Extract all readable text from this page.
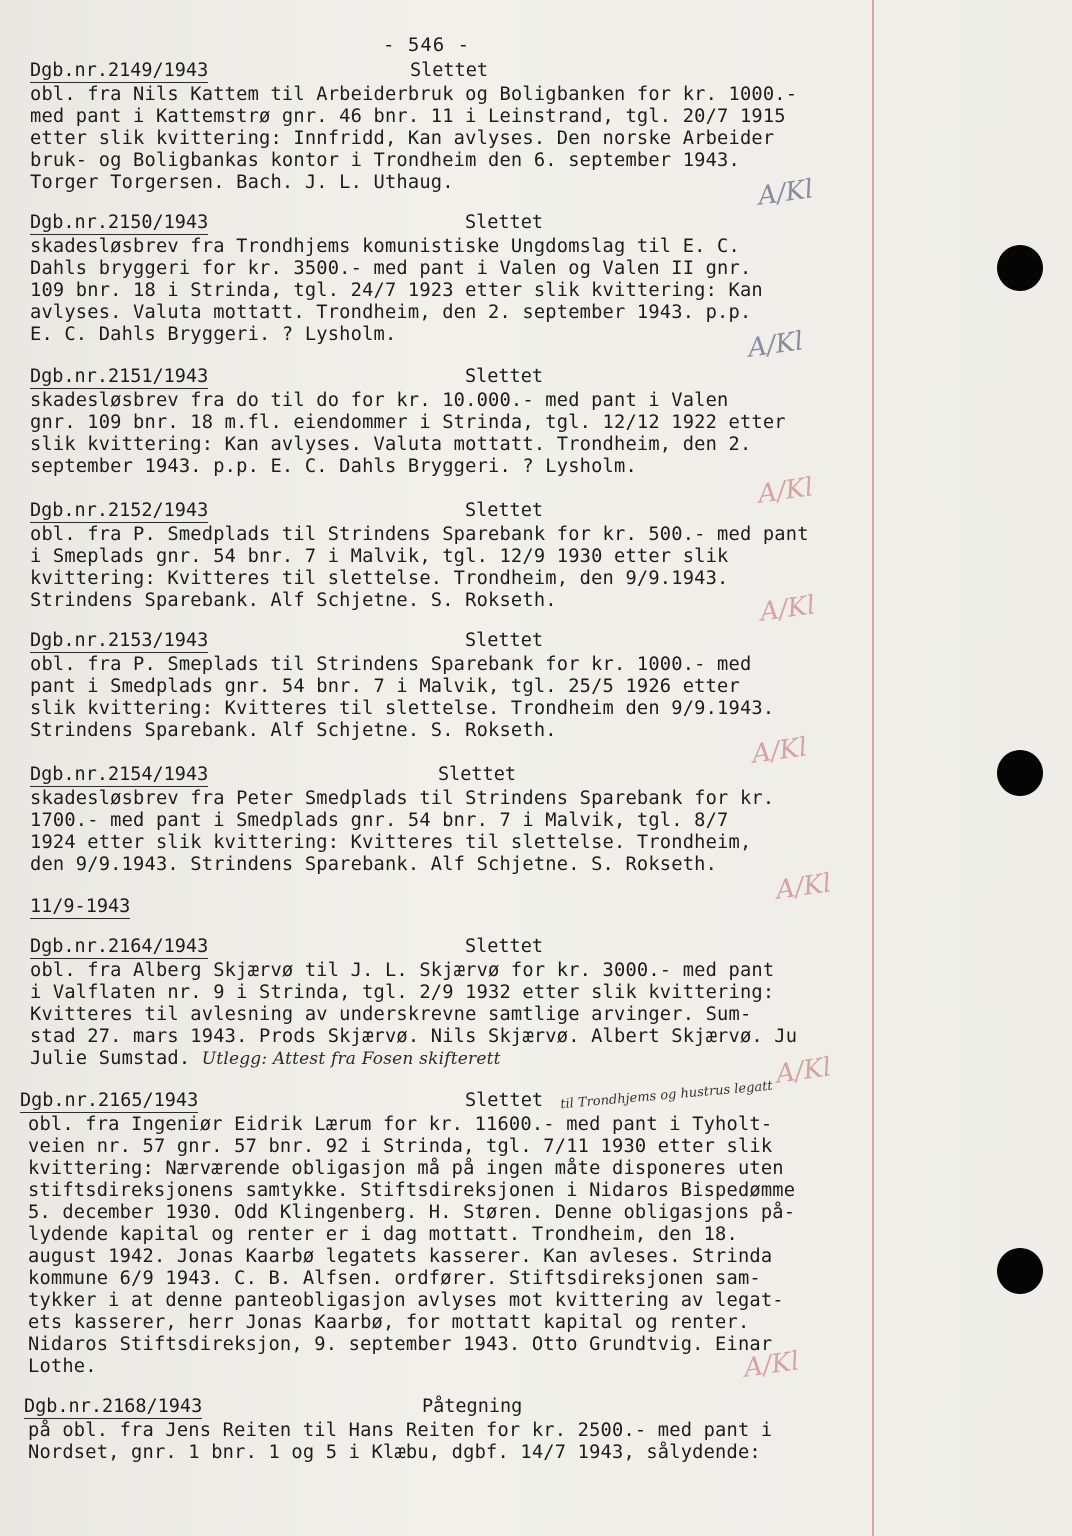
- 546 -
Dgb.nr.2149/1943	Slettet
obl. fra Nils Kattem til Arbeiderbruk og Boligbanken for kr. 1000.-
med pant i Kattemstrø gnr. 46 bnr. 11 i Leinstrand, tgl. 20/7 1915
etter slik kvittering: Innfridd, Kan avlyses. Den norske Arbeider
bruk- og Boligbankas kontor i Trondheim den 6. september 1943.
Torger Torgersen. Bach. J. L. Uthaug.	A/Kl
Dgb.nr.2150/1943	Slettet
skadesløsbrev fra Trondhjems komunistiske Ungdomslag til E. C.
Dahls bryggeri for kr. 3500.- med pant i Valen og Valen II gnr.
109 bnr. 18 i Strinda, tgl. 24/7 1923 etter slik kvittering: Kan
avlyses. Valuta mottatt. Trondheim, den 2. september 1943. p.p.
E. C. Dahls Bryggeri. ? Lysholm.	A/Kl
Dgb.nr.2151/1943	Slettet
skadesløsbrev fra do til do for kr. 10.000.- med pant i Valen
gnr. 109 bnr. 18 m.fl. eiendommer i Strinda, tgl. 12/12 1922 etter
slik kvittering: Kan avlyses. Valuta mottatt. Trondheim, den 2.
september 1943. p.p. E. C. Dahls Bryggeri. ? Lysholm.
A/Kl
Dgb.nr.2152/1943	Slettet
obl. fra P. Smedplads til Strindens Sparebank for kr. 500.- med pant
i Smeplads gnr. 54 bnr. 7 i Malvik, tgl. 12/9 1930 etter slik
kvittering: Kvitteres til slettelse. Trondheim, den 9/9.1943.
Strindens Sparebank. Alf Schjetne. S. Rokseth.	A/Kl
Dgb.nr.2153/1943	Slettet
obl. fra P. Smeplads til Strindens Sparebank for kr. 1000.- med
pant i Smedplads gnr. 54 bnr. 7 i Malvik, tgl. 25/5 1926 etter
slik kvittering: Kvitteres til slettelse. Trondheim den 9/9.1943.
Strindens Sparebank. Alf Schjetne. S. Rokseth.
A/Kl
Dgb.nr.2154/1943	Slettet
skadesløsbrev fra Peter Smedplads til Strindens Sparebank for kr.
1700.- med pant i Smedplads gnr. 54 bnr. 7 i Malvik, tgl. 8/7
1924 etter slik kvittering: Kvitteres til slettelse. Trondheim,
den 9/9.1943. Strindens Sparebank. Alf Schjetne. S. Rokseth.
A/Kl
11/9-1943
Dgb.nr.2164/1943	Slettet
obl. fra Alberg Skjærvø til J. L. Skjærvø for kr. 3000.- med pant
i Valflaten nr. 9 i Strinda, tgl. 2/9 1932 etter slik kvittering:
Kvitteres til avlesning av underskrevne samtlige arvinger. Sum-
stad 27. mars 1943. Prods Skjærvø. Nils Skjærvø. Albert Skjærvø. Ju
Julie Sumstad. Utlegg: Attest fra Fosen skifterett	A/Kl
til Trondhjems og hustrus legatt
Dgb.nr.2165/1943	Slettet
obl. fra Ingeniør Eidrik Lærum for kr. 11600.- med pant i Tyholt-
veien nr. 57 gnr. 57 bnr. 92 i Strinda, tgl. 7/11 1930 etter slik
kvittering: Nærværende obligasjon må på ingen måte disponeres uten
stiftsdireksjonens samtykke. Stiftsdireksjonen i Nidaros Bispedømme
5. december 1930. Odd Klingenberg. H. Støren. Denne obligasjons på-
lydende kapital og renter er i dag mottatt. Trondheim, den 18.
august 1942. Jonas Kaarbø legatets kasserer. Kan avleses. Strinda
kommune 6/9 1943. C. B. Alfsen. ordfører. Stiftsdireksjonen sam-
tykker i at denne panteobligasjon avlyses mot kvittering av legat-
ets kasserer, herr Jonas Kaarbø, for mottatt kapital og renter.
Nidaros Stiftsdireksjon, 9. september 1943. Otto Grundtvig. Einar
Lothe.	A/Kl
Dgb.nr.2168/1943	Påtegning
på obl. fra Jens Reiten til Hans Reiten for kr. 2500.- med pant i
Nordset, gnr. 1 bnr. 1 og 5 i Klæbu, dgbf. 14/7 1943, sålydende:
